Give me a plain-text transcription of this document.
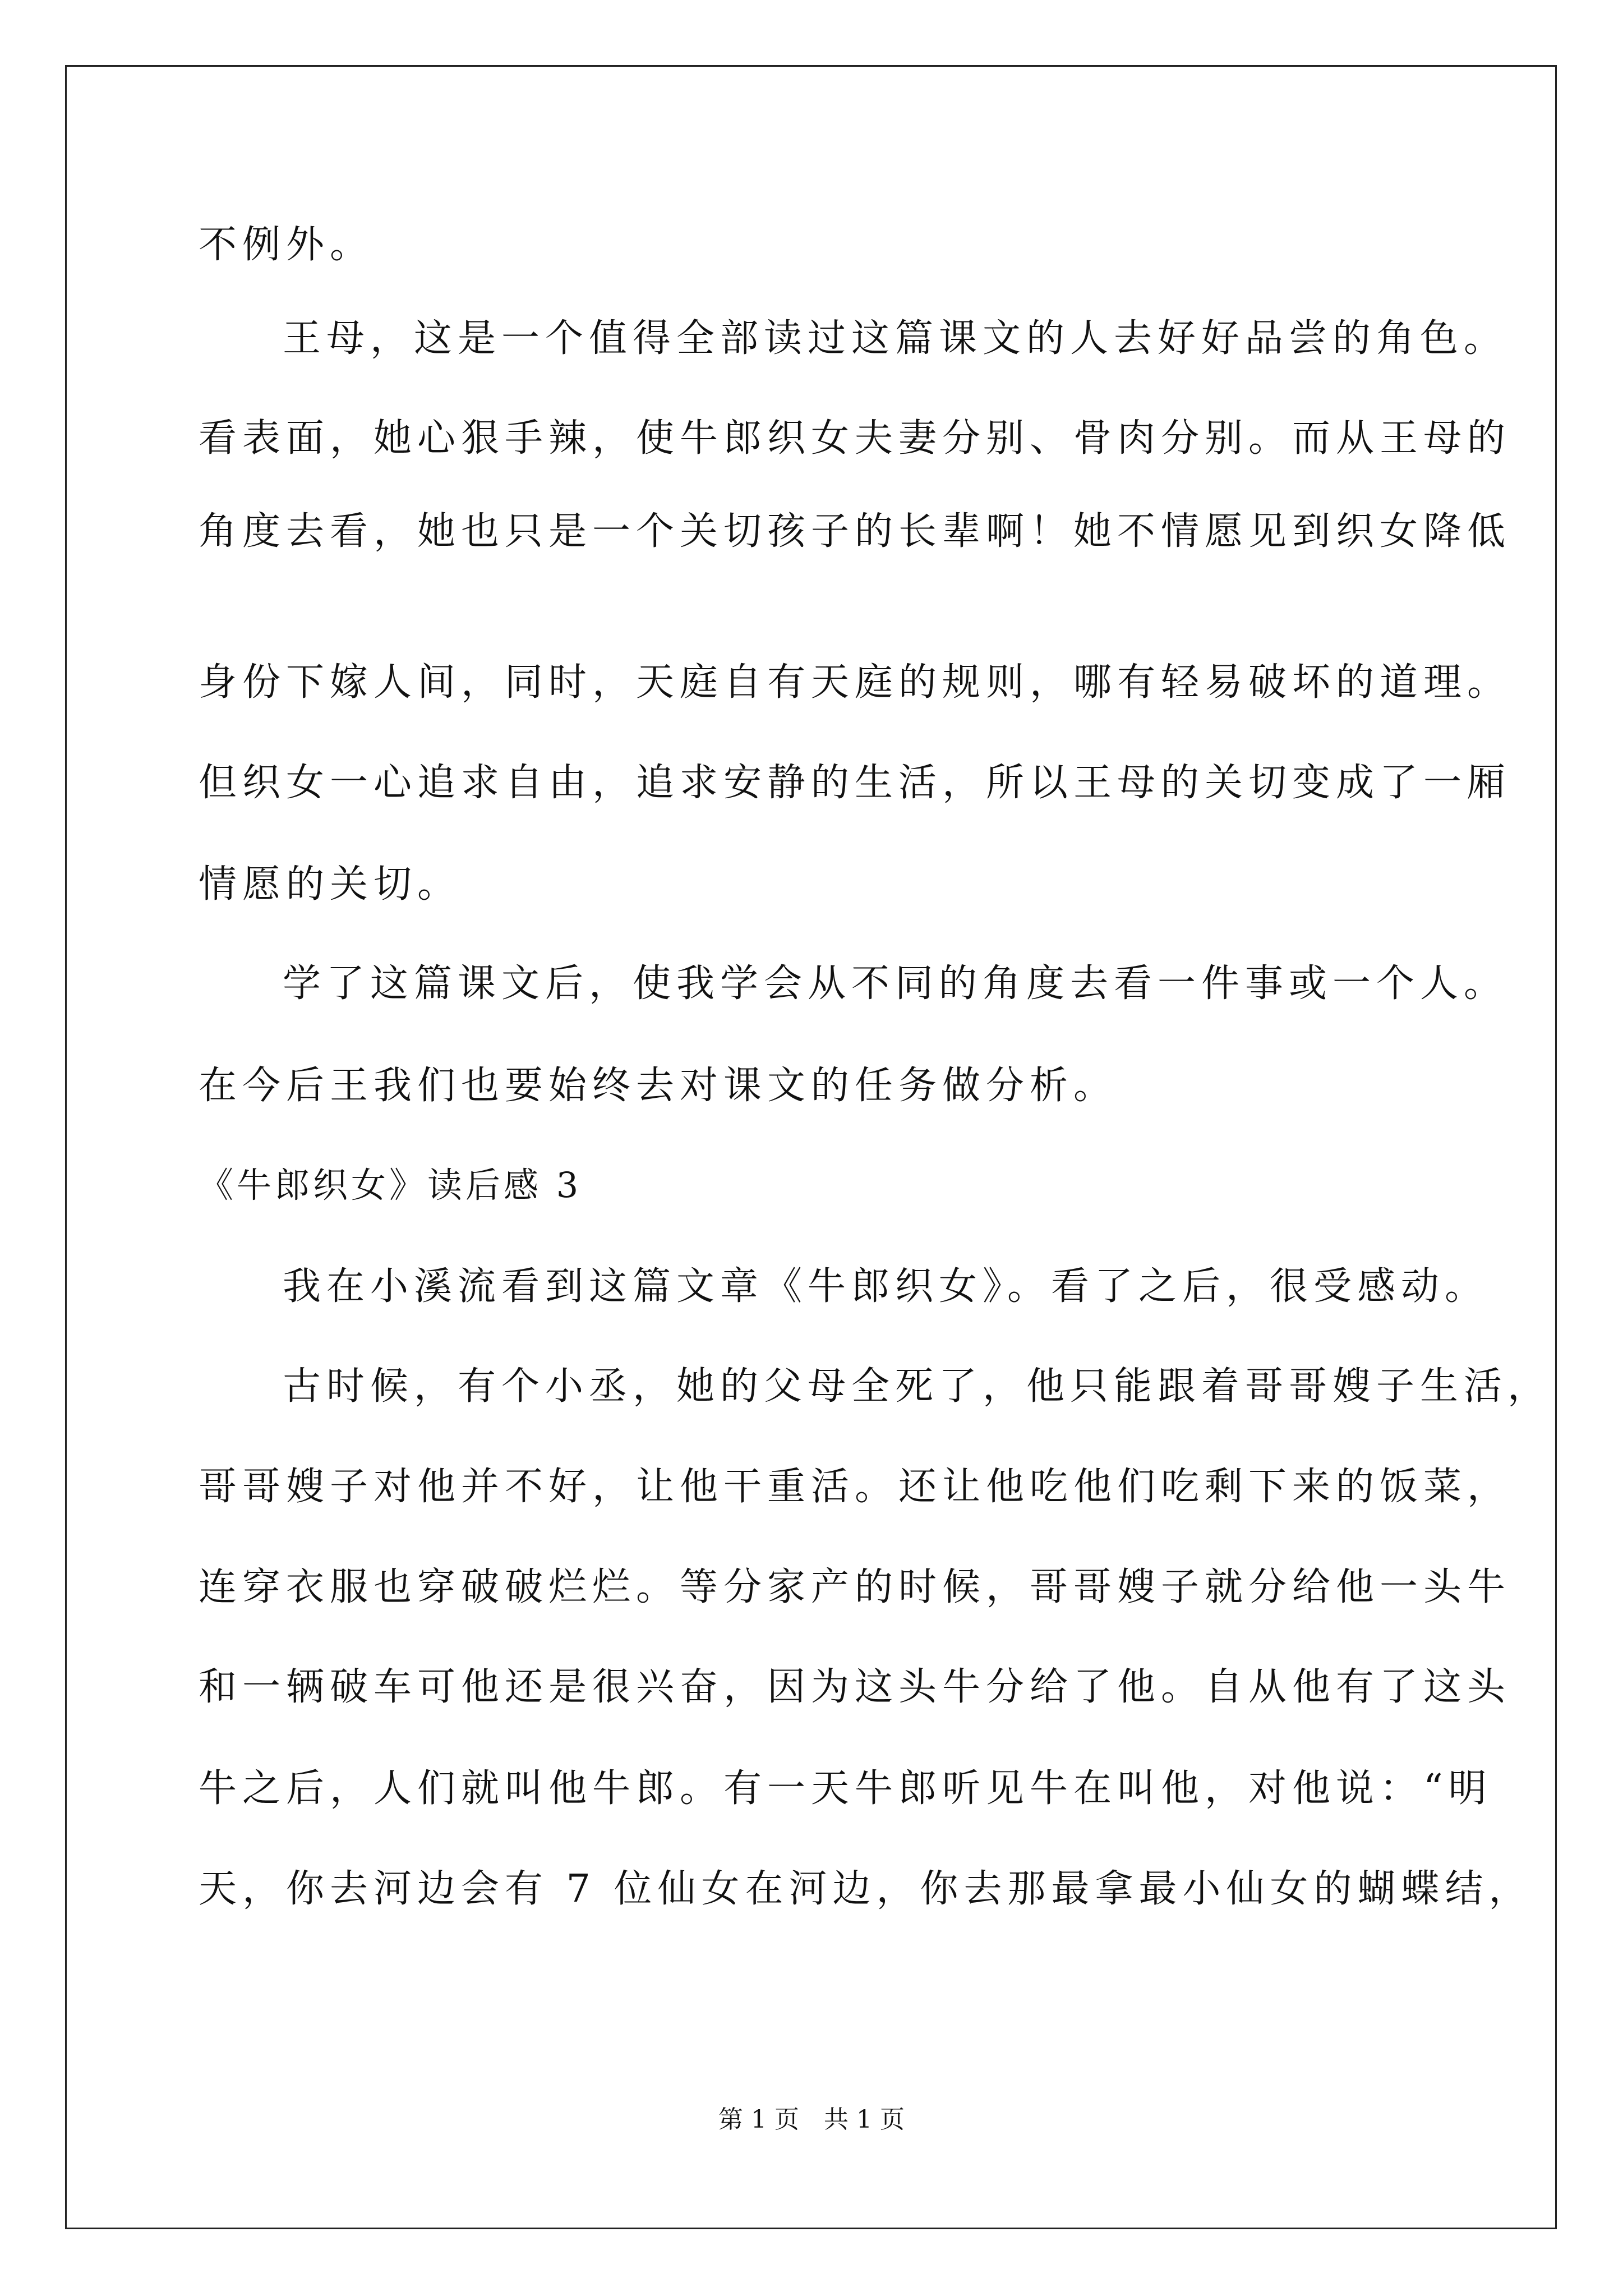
不例外。
王母，这是一个值得全部读过这篇课文的人去好好品尝的角色。
看表面，她心狠手辣，使牛郎织女夫妻分别、骨肉分别。而从王母的
角度去看，她也只是一个关切孩子的长辈啊！她不情愿见到织女降低
身份下嫁人间，同时，天庭自有天庭的规则，哪有轻易破坏的道理。
但织女一心追求自由，追求安静的生活，所以王母的关切变成了一厢
情愿的关切。
学了这篇课文后，使我学会从不同的角度去看一件事或一个人。
在今后王我们也要始终去对课文的任务做分析。
《牛郎织女》读后感 3
我在小溪流看到这篇文章《牛郎织女》。看了之后，很受感动。
古时候，有个小丞，她的父母全死了，他只能跟着哥哥嫂子生活，
哥哥嫂子对他并不好，让他干重活。还让他吃他们吃剩下来的饭菜，
连穿衣服也穿破破烂烂。等分家产的时候，哥哥嫂子就分给他一头牛
和一辆破车可他还是很兴奋，因为这头牛分给了他。自从他有了这头
牛之后，人们就叫他牛郎。有一天牛郎听见牛在叫他，对他说：“明
天，你去河边会有 7 位仙女在河边，你去那最拿最小仙女的蝴蝶结，
第 1 页　共 1 页
